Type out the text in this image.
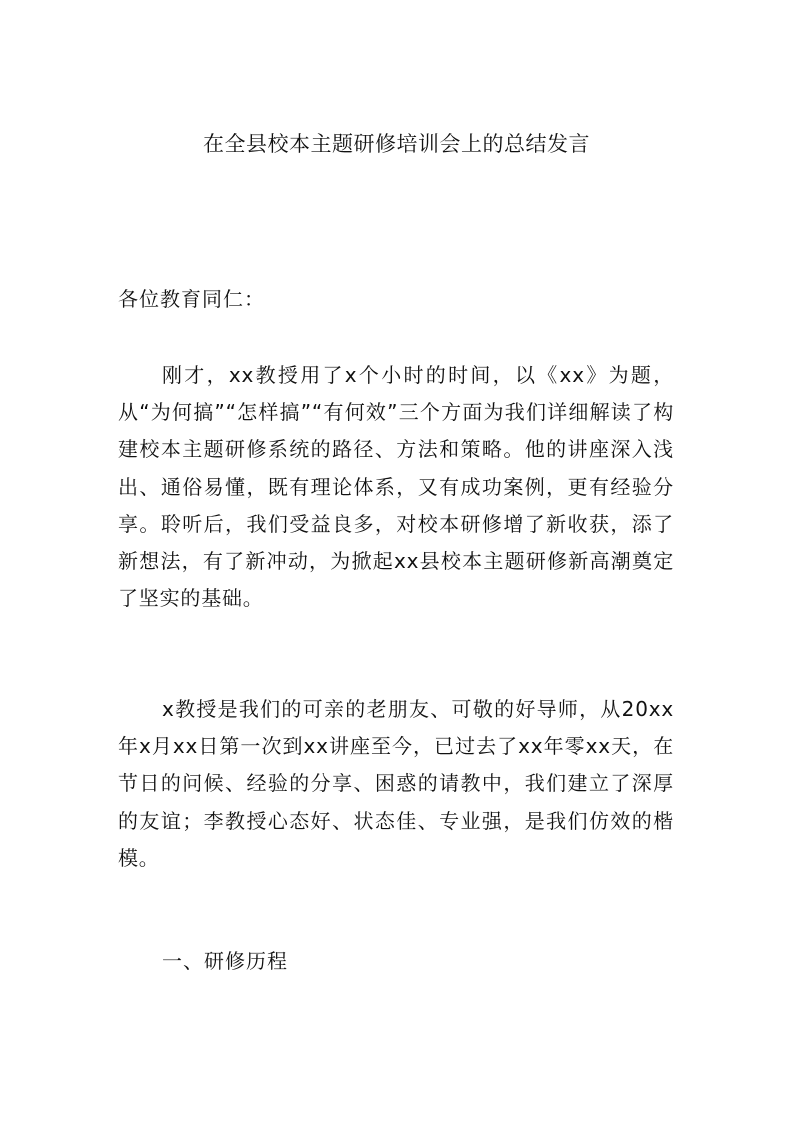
在全县校本主题研修培训会上的总结发言
各位教育同仁：

刚才，xx教授用了x个小时的时间，以《xx》为题，从“为何搞”“怎样搞”“有何效”三个方面为我们详细解读了构建校本主题研修系统的路径、方法和策略。他的讲座深入浅出、通俗易懂，既有理论体系，又有成功案例，更有经验分享。聆听后，我们受益良多，对校本研修增了新收获，添了新想法，有了新冲动，为掀起xx县校本主题研修新高潮奠定了坚实的基础。

x教授是我们的可亲的老朋友、可敬的好导师，从20xx年x月xx日第一次到xx讲座至今，已过去了xx年零xx天，在节日的问候、经验的分享、困惑的请教中，我们建立了深厚的友谊；李教授心态好、状态佳、专业强，是我们仿效的楷模。

一、研修历程
